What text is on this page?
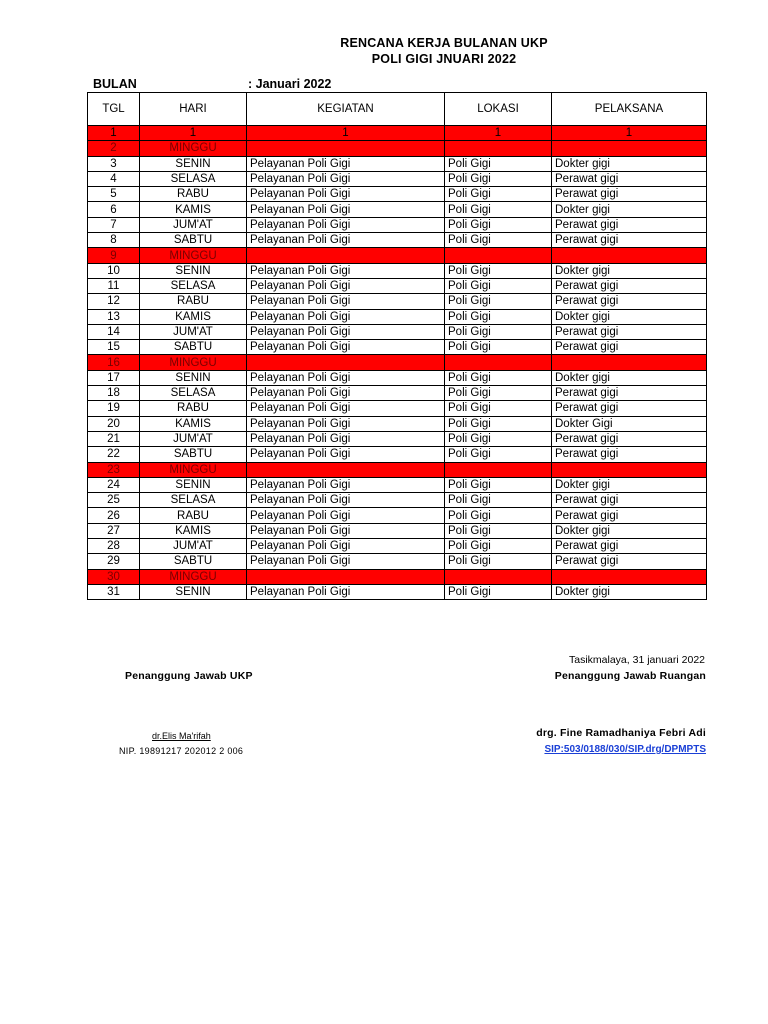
RENCANA KERJA BULANAN UKP
POLI GIGI JNUARI 2022
BULAN	: Januari 2022
TGL	HARI	KEGIATAN	LOKASI	PELAKSANA
1	1	1	1	1
2	MINGGU			
3	SENIN	Pelayanan Poli Gigi	Poli Gigi	Dokter gigi
4	SELASA	Pelayanan Poli Gigi	Poli Gigi	Perawat gigi
5	RABU	Pelayanan Poli Gigi	Poli Gigi	Perawat gigi
6	KAMIS	Pelayanan Poli Gigi	Poli Gigi	Dokter gigi
7	JUM'AT	Pelayanan Poli Gigi	Poli Gigi	Perawat gigi
8	SABTU	Pelayanan Poli Gigi	Poli Gigi	Perawat gigi
9	MINGGU			
10	SENIN	Pelayanan Poli Gigi	Poli Gigi	Dokter gigi
11	SELASA	Pelayanan Poli Gigi	Poli Gigi	Perawat gigi
12	RABU	Pelayanan Poli Gigi	Poli Gigi	Perawat gigi
13	KAMIS	Pelayanan Poli Gigi	Poli Gigi	Dokter gigi
14	JUM'AT	Pelayanan Poli Gigi	Poli Gigi	Perawat gigi
15	SABTU	Pelayanan Poli Gigi	Poli Gigi	Perawat gigi
16	MINGGU			
17	SENIN	Pelayanan Poli Gigi	Poli Gigi	Dokter gigi
18	SELASA	Pelayanan Poli Gigi	Poli Gigi	Perawat gigi
19	RABU	Pelayanan Poli Gigi	Poli Gigi	Perawat gigi
20	KAMIS	Pelayanan Poli Gigi	Poli Gigi	Dokter Gigi
21	JUM'AT	Pelayanan Poli Gigi	Poli Gigi	Perawat gigi
22	SABTU	Pelayanan Poli Gigi	Poli Gigi	Perawat gigi
23	MINGGU			
24	SENIN	Pelayanan Poli Gigi	Poli Gigi	Dokter gigi
25	SELASA	Pelayanan Poli Gigi	Poli Gigi	Perawat gigi
26	RABU	Pelayanan Poli Gigi	Poli Gigi	Perawat gigi
27	KAMIS	Pelayanan Poli Gigi	Poli Gigi	Dokter gigi
28	JUM'AT	Pelayanan Poli Gigi	Poli Gigi	Perawat gigi
29	SABTU	Pelayanan Poli Gigi	Poli Gigi	Perawat gigi
30	MINGGU			
31	SENIN	Pelayanan Poli Gigi	Poli Gigi	Dokter gigi
Tasikmalaya, 31 januari 2022
Penanggung Jawab UKP	Penanggung Jawab Ruangan
dr.Elis Ma'rifah
NIP. 19891217 202012 2 006
drg. Fine Ramadhaniya Febri Adi
SIP:503/0188/030/SIP.drg/DPMPTS
